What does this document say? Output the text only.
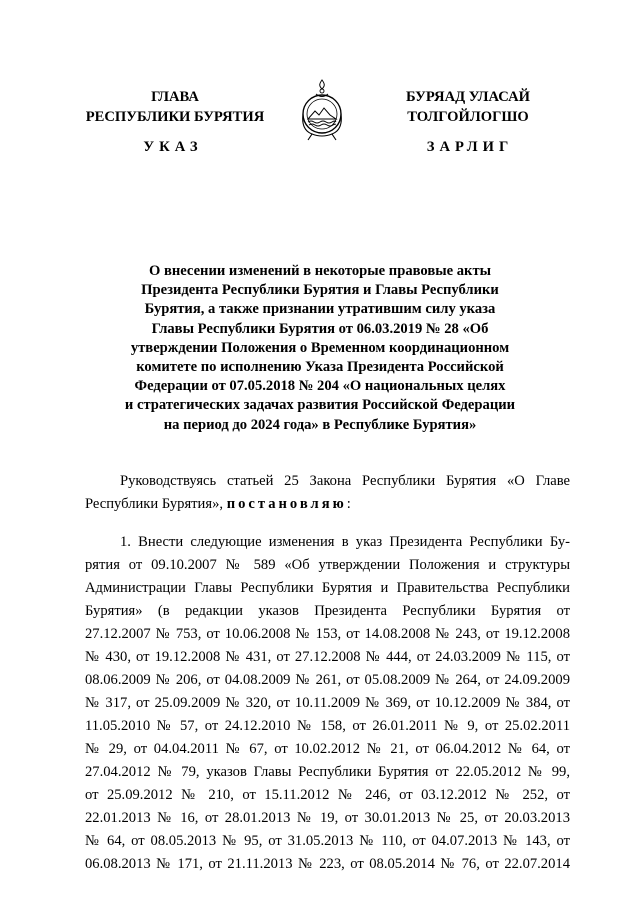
ГЛАВА
РЕСПУБЛИКИ БУРЯТИЯ
БУРЯАД УЛАСАЙ
ТОЛГОЙЛОГШО
УКАЗ	ЗАРЛИГ
О внесении изменений в некоторые правовые акты
Президента Республики Бурятия и Главы Республики
Бурятия, а также признании утратившим силу указа
Главы Республики Бурятия от 06.03.2019 № 28 «Об
утверждении Положения о Временном координационном
комитете по исполнению Указа Президента Российской
Федерации от 07.05.2018 № 204 «О национальных целях
и стратегических задачах развития Российской Федерации
на период до 2024 года» в Республике Бурятия»
Руководствуясь статьей 25 Закона Республики Бурятия «О Главе
Республики Бурятия», постановляю:
1. Внести следующие изменения в указ Президента Республики Бу-
рятия от 09.10.2007 № 589 «Об утверждении Положения и структуры
Администрации Главы Республики Бурятия и Правительства Республики
Бурятия» (в редакции указов Президента Республики Бурятия от
27.12.2007 № 753, от 10.06.2008 № 153, от 14.08.2008 № 243, от 19.12.2008
№ 430, от 19.12.2008 № 431, от 27.12.2008 № 444, от 24.03.2009 № 115, от
08.06.2009 № 206, от 04.08.2009 № 261, от 05.08.2009 № 264, от 24.09.2009
№ 317, от 25.09.2009 № 320, от 10.11.2009 № 369, от 10.12.2009 № 384, от
11.05.2010 № 57, от 24.12.2010 № 158, от 26.01.2011 № 9, от 25.02.2011
№ 29, от 04.04.2011 № 67, от 10.02.2012 № 21, от 06.04.2012 № 64, от
27.04.2012 № 79, указов Главы Республики Бурятия от 22.05.2012 № 99,
от 25.09.2012 № 210, от 15.11.2012 № 246, от 03.12.2012 № 252, от
22.01.2013 № 16, от 28.01.2013 № 19, от 30.01.2013 № 25, от 20.03.2013
№ 64, от 08.05.2013 № 95, от 31.05.2013 № 110, от 04.07.2013 № 143, от
06.08.2013 № 171, от 21.11.2013 № 223, от 08.05.2014 № 76, от 22.07.2014
